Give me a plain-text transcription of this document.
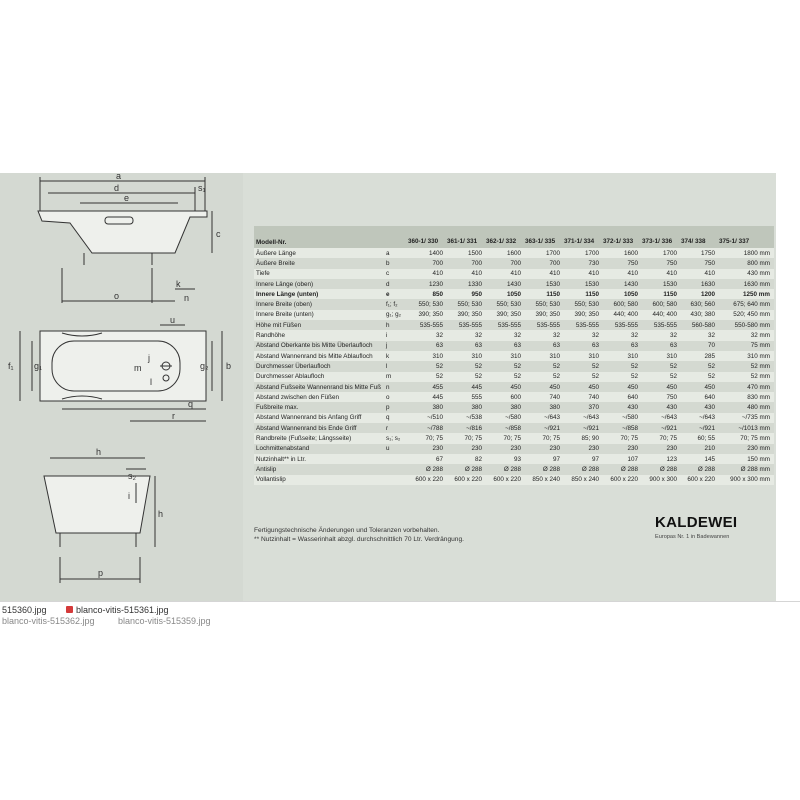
a
d	s₁
e
c
o
k
n
u
j
m
l
f₁ g₁	g₂ b
q
r
h
s₂
i
h
p
Modell-Nr.		360-1/ 330	361-1/ 331	362-1/ 332	363-1/ 335	371-1/ 334	372-1/ 333	373-1/ 336	374/ 338	375-1/ 337
Äußere Länge	a	1400	1500	1600	1700	1700	1600	1700	1750	1800 mm
Äußere Breite	b	700	700	700	700	730	750	750	750	800 mm
Tiefe	c	410	410	410	410	410	410	410	410	430 mm
Innere Länge (oben)	d	1230	1330	1430	1530	1530	1430	1530	1630	1630 mm
Innere Länge (unten)	e	850	950	1050	1150	1150	1050	1150	1200	1250 mm
Innere Breite (oben)	f₁; f₂	550; 530	550; 530	550; 530	550; 530	550; 530	600; 580	600; 580	630; 560	675; 640 mm
Innere Breite (unten)	g₁; g₂	390; 350	390; 350	390; 350	390; 350	390; 350	440; 400	440; 400	430; 380	520; 450 mm
Höhe mit Füßen	h	535-555	535-555	535-555	535-555	535-555	535-555	535-555	560-580	550-580 mm
Randhöhe	i	32	32	32	32	32	32	32	32	32 mm
Abstand Oberkante bis Mitte Überlaufloch	j	63	63	63	63	63	63	63	70	75 mm
Abstand Wannenrand bis Mitte Ablaufloch	k	310	310	310	310	310	310	310	285	310 mm
Durchmesser Überlaufloch	l	52	52	52	52	52	52	52	52	52 mm
Durchmesser Ablaufloch	m	52	52	52	52	52	52	52	52	52 mm
Abstand Fußseite Wannenrand bis Mitte Fuß	n	455	445	450	450	450	450	450	450	470 mm
Abstand zwischen den Füßen	o	445	555	600	740	740	640	750	640	830 mm
Fußbreite max.	p	380	380	380	380	370	430	430	430	480 mm
Abstand Wannenrand bis Anfang Griff	q	~/510	~/538	~/580	~/643	~/643	~/580	~/643	~/643	~/735 mm
Abstand Wannenrand bis Ende Griff	r	~/788	~/816	~/858	~/921	~/921	~/858	~/921	~/921	~/1013 mm
Randbreite (Fußseite; Längsseite)	s₁; s₂	70; 75	70; 75	70; 75	70; 75	85; 90	70; 75	70; 75	60; 55	70; 75 mm
Lochmittenabstand	u	230	230	230	230	230	230	230	210	230 mm
Nutzinhalt** in Ltr.		67	82	93	97	97	107	123	145	150 mm
Antislip		Ø 288	Ø 288	Ø 288	Ø 288	Ø 288	Ø 288	Ø 288	Ø 288	Ø 288 mm
Vollantislip		600 x 220	600 x 220	600 x 220	850 x 240	850 x 240	600 x 220	900 x 300	600 x 220	900 x 300 mm
Fertigungstechnische Änderungen und Toleranzen vorbehalten.
** Nutzinhalt = Wasserinhalt abzgl. durchschnittlich 70 Ltr. Verdrängung.
KALDEWEI
Europas Nr. 1 in Badewannen
515360.jpg	blanco-vitis-515361.jpg
blanco-vitis-515362.jpg	blanco-vitis-515359.jpg
